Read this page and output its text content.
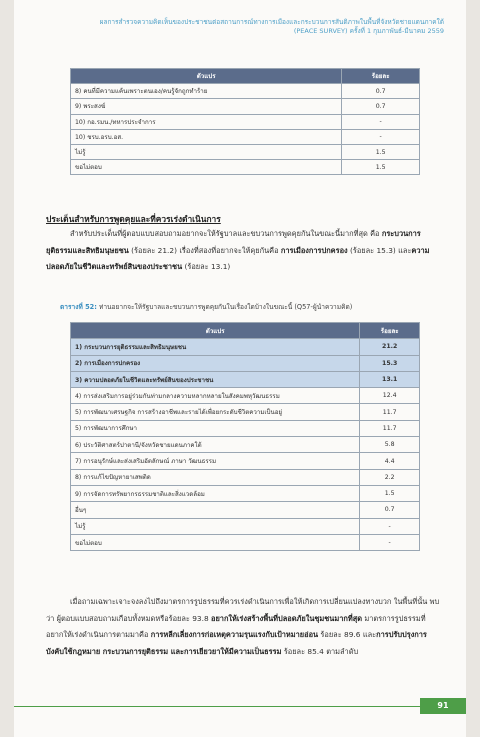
ผลการสำรวจความคิดเห็นของประชาชนต่อสถานการณ์ทางการเมืองและกระบวนการสันติภาพในพื้นที่จังหวัดชายแดนภาคใต้
(PEACE SURVEY) ครั้งที่ 1 กุมภาพันธ์-มีนาคม 2559
ตัวแปร	ร้อยละ
8) คนที่มีความแค้นเพราะตนเอง/คนรู้จักถูกทำร้าย	0.7
9) พระสงฆ์	0.7
10) กอ.รมน./ทหารประจำการ	-
10) ชรบ.อรบ.อส.	-
ไม่รู้	1.5
ขอไม่ตอบ	1.5
ประเด็นสำหรับการพูดคุยและที่ควรเร่งดำเนินการ
สำหรับประเด็นที่ผู้ตอบแบบสอบถามอยากจะให้รัฐบาลและขบวนการพูดคุยกันในขณะนี้มากที่สุด คือ กระบวนการยุติธรรมและสิทธิมนุษยชน (ร้อยละ 21.2) เรื่องที่สองที่อยากจะให้คุยกันคือ การเมืองการปกครอง (ร้อยละ 15.3) และความปลอดภัยในชีวิตและทรัพย์สินของประชาชน (ร้อยละ 13.1)
ตารางที่ 52: ท่านอยากจะให้รัฐบาลและขบวนการพูดคุยกันในเรื่องใดบ้างในขณะนี้ (Q57-ผู้นำความคิด)
ตัวแปร	ร้อยละ
1) กระบวนการยุติธรรมและสิทธิมนุษยชน	21.2
2) การเมืองการปกครอง	15.3
3) ความปลอดภัยในชีวิตและทรัพย์สินของประชาชน	13.1
4) การส่งเสริมการอยู่ร่วมกันท่ามกลางความหลากหลายในสังคมพหุวัฒนธรรม	12.4
5) การพัฒนาเศรษฐกิจ การสร้างอาชีพและรายได้เพื่อยกระดับชีวิตความเป็นอยู่	11.7
5) การพัฒนาการศึกษา	11.7
6) ประวัติศาสตร์ปาตานี/จังหวัดชายแดนภาคใต้	5.8
7) การอนุรักษ์และส่งเสริมอัตลักษณ์ ภาษา วัฒนธรรม	4.4
8) การแก้ไขปัญหายาเสพติด	2.2
9) การจัดการทรัพยากรธรรมชาติและสิ่งแวดล้อม	1.5
อื่นๆ	0.7
ไม่รู้	-
ขอไม่ตอบ	-
เมื่อถามเฉพาะเจาะจงลงไปถึงมาตรการรูปธรรมที่ควรเร่งดำเนินการเพื่อให้เกิดการเปลี่ยนแปลงทางบวก ในพื้นที่นั้น พบว่า ผู้ตอบแบบสอบถามเกือบทั้งหมดหรือร้อยละ 93.8 อยากให้เร่งสร้างพื้นที่ปลอดภัยในชุมชนมากที่สุด มาตรการรูปธรรมที่อยากให้เร่งดำเนินการตามมาคือ การหลีกเลี่ยงการก่อเหตุความรุนแรงกับเป้าหมายอ่อน ร้อยละ 89.6 และการปรับปรุงการบังคับใช้กฎหมาย กระบวนการยุติธรรม และการเยียวยาให้มีความเป็นธรรม ร้อยละ 85.4 ตามลำดับ
91
